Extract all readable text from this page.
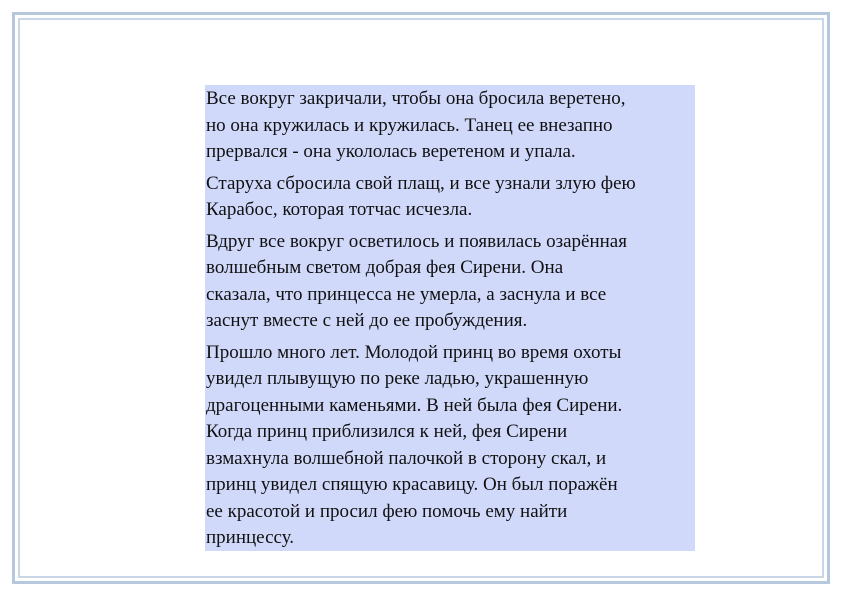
Все вокруг закричали, чтобы она бросила веретено,
но она кружилась и кружилась. Танец ее внезапно
прервался - она укололась веретеном и упала.
Старуха сбросила свой плащ, и все узнали злую фею
Карабос, которая тотчас исчезла.
Вдруг все вокруг осветилось и появилась озарённая
волшебным светом добрая фея Сирени. Она
сказала, что принцесса не умерла, а заснула и все
заснут вместе с ней до ее пробуждения.
Прошло много лет. Молодой принц во время охоты
увидел плывущую по реке ладью, украшенную
драгоценными каменьями. В ней была фея Сирени.
Когда принц приблизился к ней, фея Сирени
взмахнула волшебной палочкой в сторону скал, и
принц увидел спящую красавицу. Он был поражён
ее красотой и просил фею помочь ему найти
принцессу.
